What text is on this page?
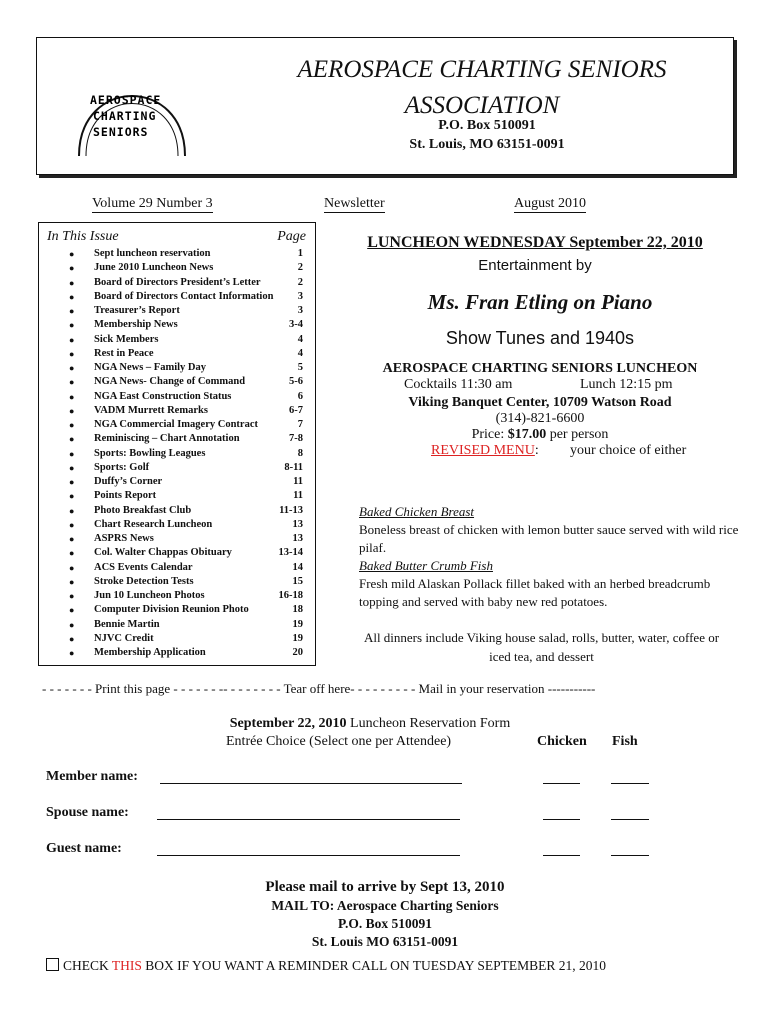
AEROSPACE
CHARTING
SENIORS
AEROSPACE CHARTING SENIORS
ASSOCIATION
P.O. Box 510091
St. Louis, MO 63151-0091
Volume 29 Number 3	Newsletter	August 2010
In This Issue	Page
● Sept luncheon reservation	1
● June 2010 Luncheon News	2
● Board of Directors President’s Letter	2
● Board of Directors Contact Information 3
● Treasurer’s Report	3
● Membership News	3-4
● Sick Members	4
● Rest in Peace	4
● NGA News – Family Day	5
● NGA News- Change of Command	5-6
● NGA East Construction Status	6
● VADM Murrett Remarks	6-7
● NGA Commercial Imagery Contract	7
● Reminiscing – Chart Annotation	7-8
● Sports: Bowling Leagues	8
● Sports: Golf	8-11
● Duffy’s Corner	11
● Points Report	11
● Photo Breakfast Club	11-13
● Chart Research Luncheon	13
● ASPRS News	13
● Col. Walter Chappas Obituary	13-14
● ACS Events Calendar	14
● Stroke Detection Tests	15
● Jun 10 Luncheon Photos	16-18
● Computer Division Reunion Photo	18
● Bennie Martin	19
● NJVC Credit	19
● Membership Application	20
LUNCHEON WEDNESDAY September 22, 2010
Entertainment by
Ms. Fran Etling on Piano
Show Tunes and 1940s
AEROSPACE CHARTING SENIORS LUNCHEON
Cocktails 11:30 am	Lunch 12:15 pm
Viking Banquet Center, 10709 Watson Road
(314)-821-6600
Price: $17.00 per person
REVISED MENU: your choice of either
Baked Chicken Breast
Boneless breast of chicken with lemon butter sauce served with wild rice pilaf.
Baked Butter Crumb Fish
Fresh mild Alaskan Pollack fillet baked with an herbed breadcrumb topping and served with baby new red potatoes.
All dinners include Viking house salad, rolls, butter, water, coffee or iced tea, and dessert
- - - - - - - Print this page - - - - - - -- - - - - - - - Tear off here- - - - - - - - - Mail in your reservation -----------
September 22, 2010 Luncheon Reservation Form
Entrée Choice (Select one per Attendee)	Chicken Fish
Member name:
Spouse name:
Guest name:
Please mail to arrive by Sept 13, 2010
MAIL TO: Aerospace Charting Seniors
P.O. Box 510091
St. Louis MO 63151-0091
CHECK THIS BOX IF YOU WANT A REMINDER CALL ON TUESDAY SEPTEMBER 21, 2010
